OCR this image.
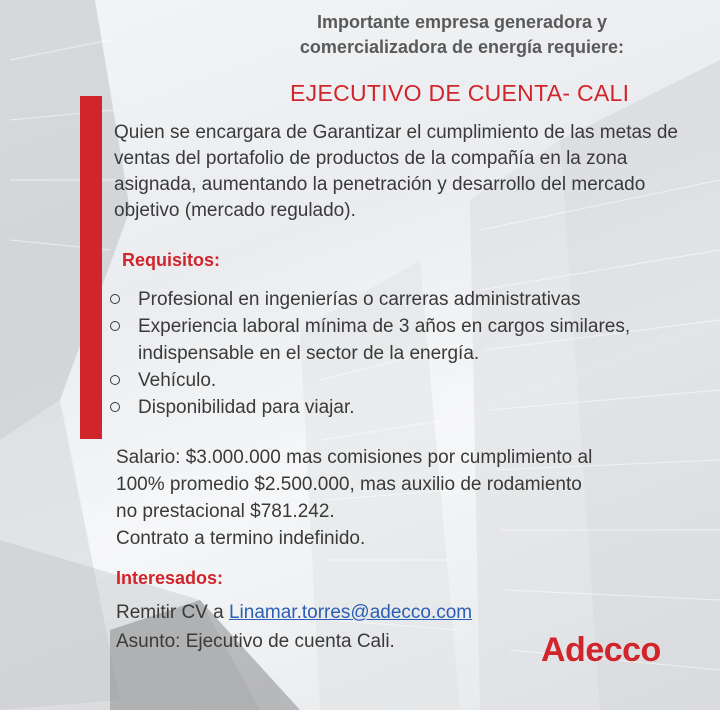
Importante empresa generadora y
comercializadora de energía requiere:
EJECUTIVO DE CUENTA- CALI
Quien se encargara de Garantizar el cumplimiento de las metas de ventas del portafolio de productos de la compañía en la zona asignada, aumentando la penetración y desarrollo del mercado objetivo (mercado regulado).
Requisitos:
Profesional en ingenierías o carreras administrativas
Experiencia laboral mínima de 3 años en cargos similares, indispensable en el sector de la energía.
Vehículo.
Disponibilidad para viajar.
Salario: $3.000.000 mas comisiones por cumplimiento al
100% promedio $2.500.000, mas auxilio de rodamiento
no prestacional $781.242.
Contrato a termino indefinido.
Interesados:
Remitir CV a Linamar.torres@adecco.com
Asunto: Ejecutivo de cuenta Cali.	Adecco
